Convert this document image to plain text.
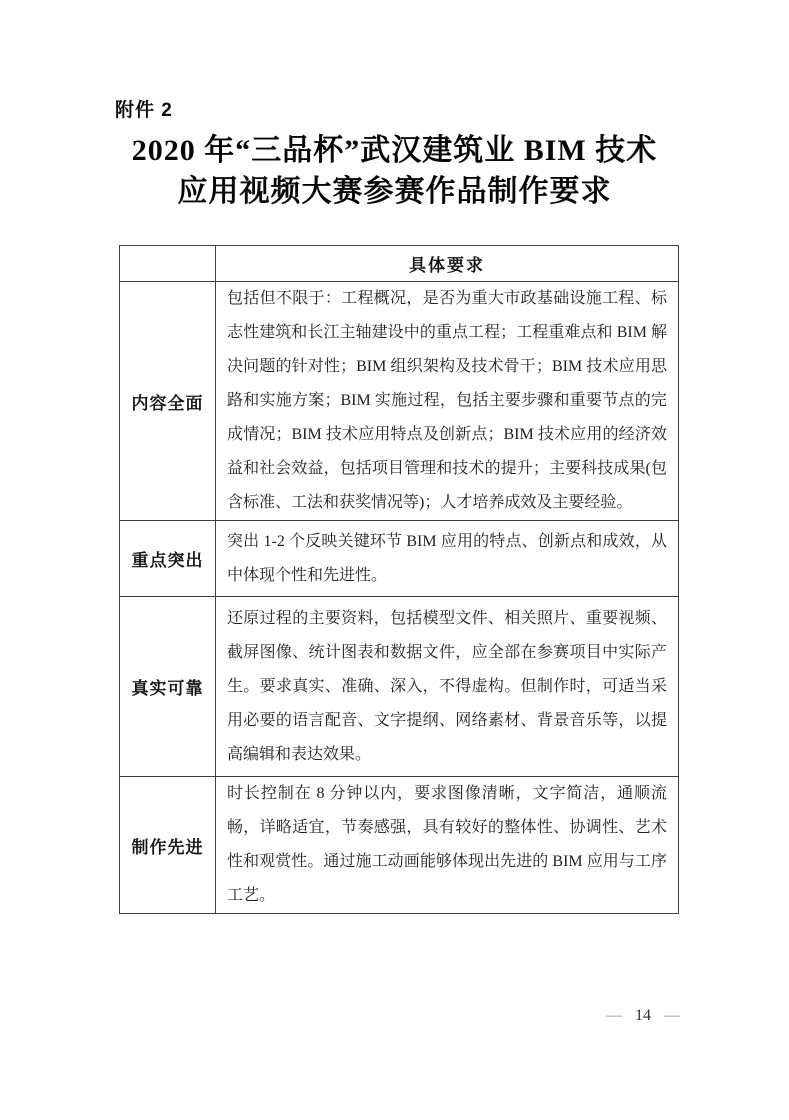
附件 2
2020 年“三品杯”武汉建筑业 BIM 技术
应用视频大赛参赛作品制作要求
	具体要求
内容全面	包括但不限于：工程概况，是否为重大市政基础设施工程、标志性建筑和长江主轴建设中的重点工程；工程重难点和 BIM 解决问题的针对性；BIM 组织架构及技术骨干；BIM 技术应用思路和实施方案；BIM 实施过程，包括主要步骤和重要节点的完成情况；BIM 技术应用特点及创新点；BIM 技术应用的经济效益和社会效益，包括项目管理和技术的提升；主要科技成果(包含标准、工法和获奖情况等)；人才培养成效及主要经验。
重点突出	突出 1-2 个反映关键环节 BIM 应用的特点、创新点和成效，从中体现个性和先进性。
真实可靠	还原过程的主要资料，包括模型文件、相关照片、重要视频、截屏图像、统计图表和数据文件，应全部在参赛项目中实际产生。要求真实、准确、深入，不得虚构。但制作时，可适当采用必要的语言配音、文字提纲、网络素材、背景音乐等，以提高编辑和表达效果。
制作先进	时长控制在 8 分钟以内，要求图像清晰，文字简洁，通顺流畅，详略适宜，节奏感强，具有较好的整体性、协调性、艺术性和观赏性。通过施工动画能够体现出先进的 BIM 应用与工序工艺。
— 14 —
